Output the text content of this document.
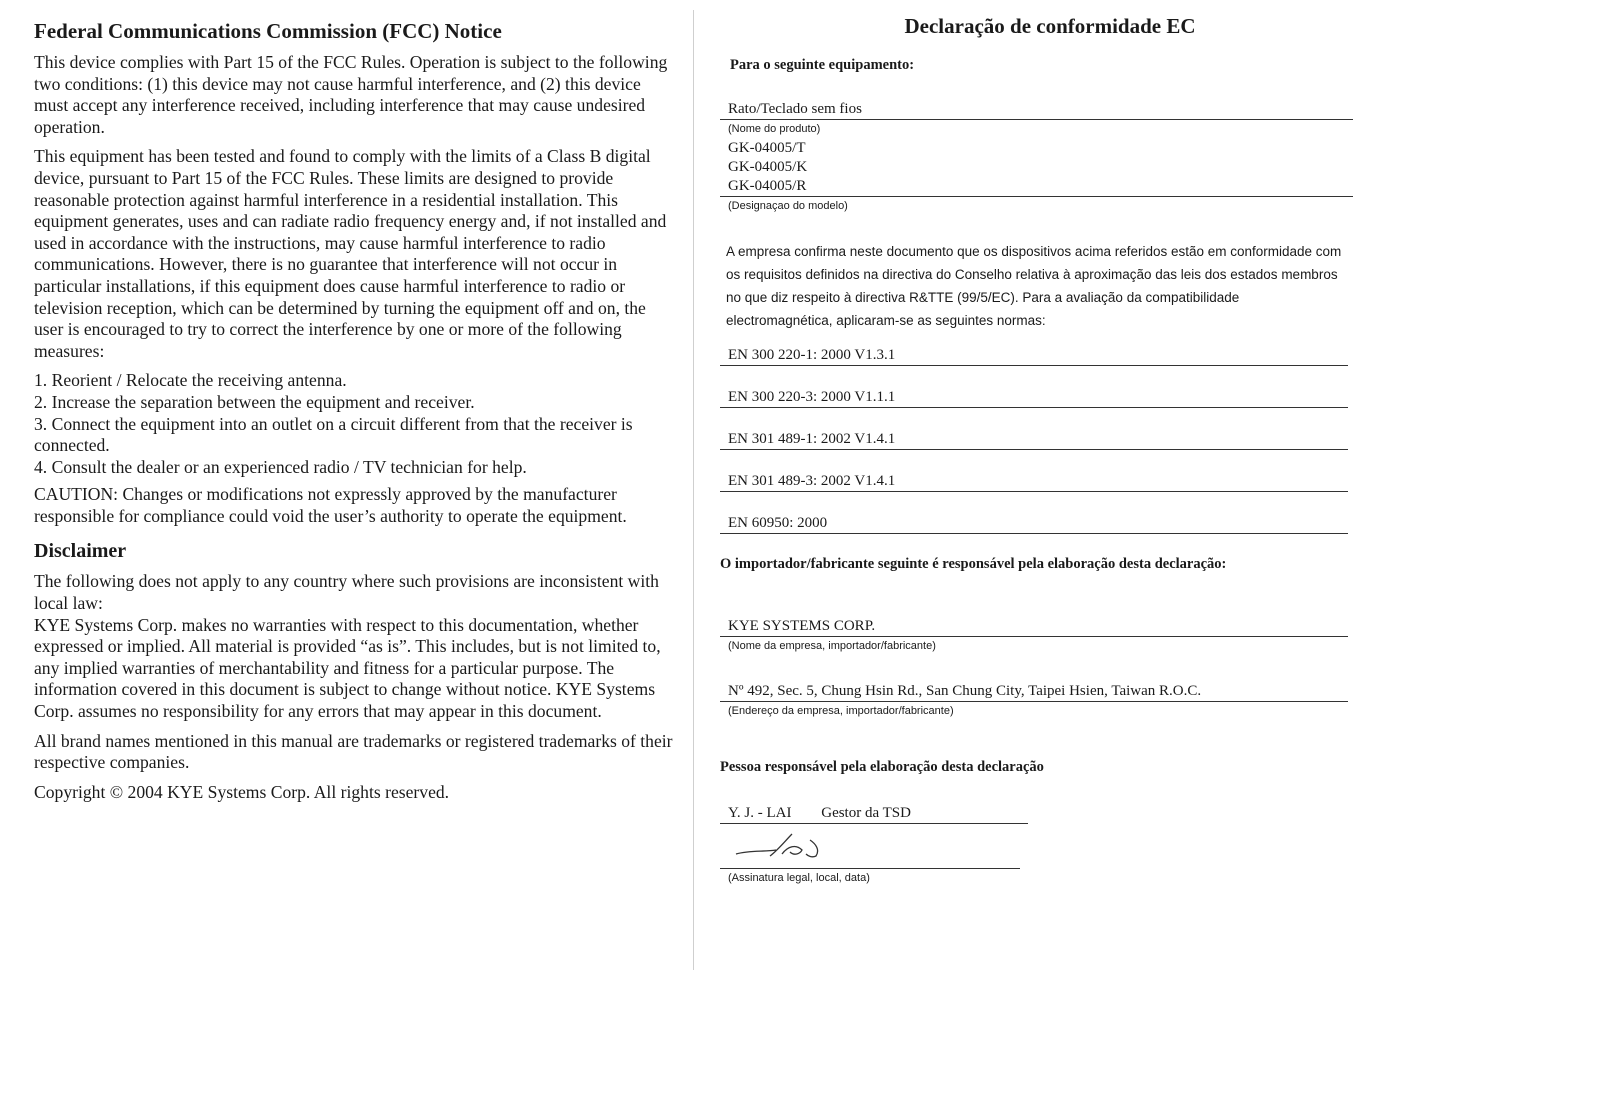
Federal Communications Commission (FCC) Notice

This device complies with Part 15 of the FCC Rules. Operation is subject to the following two conditions: (1) this device may not cause harmful interference, and (2) this device must accept any interference received, including interference that may cause undesired operation.

This equipment has been tested and found to comply with the limits of a Class B digital device, pursuant to Part 15 of the FCC Rules. These limits are designed to provide reasonable protection against harmful interference in a residential installation. This equipment generates, uses and can radiate radio frequency energy and, if not installed and used in accordance with the instructions, may cause harmful interference to radio communications. However, there is no guarantee that interference will not occur in particular installations, if this equipment does cause harmful interference to radio or television reception, which can be determined by turning the equipment off and on, the user is encouraged to try to correct the interference by one or more of the following measures:

1. Reorient / Relocate the receiving antenna.
2. Increase the separation between the equipment and receiver.
3. Connect the equipment into an outlet on a circuit different from that the receiver is connected.
4. Consult the dealer or an experienced radio / TV technician for help.

CAUTION: Changes or modifications not expressly approved by the manufacturer responsible for compliance could void the user’s authority to operate the equipment.

Disclaimer

The following does not apply to any country where such provisions are inconsistent with local law:

KYE Systems Corp. makes no warranties with respect to this documentation, whether expressed or implied. All material is provided “as is”. This includes, but is not limited to, any implied warranties of merchantability and fitness for a particular purpose. The information covered in this document is subject to change without notice. KYE Systems Corp. assumes no responsibility for any errors that may appear in this document.

All brand names mentioned in this manual are trademarks or registered trademarks of their respective companies.

Copyright © 2004 KYE Systems Corp. All rights reserved.

Declaração de conformidade EC
Para o seguinte equipamento:
Rato/Teclado sem fios
(Nome do produto)
GK-04005/T
GK-04005/K
GK-04005/R
(Designaçao do modelo)
A empresa confirma neste documento que os dispositivos acima referidos estão em conformidade com os requisitos definidos na directiva do Conselho relativa à aproximação das leis dos estados membros no que diz respeito à directiva R&TTE (99/5/EC). Para a avaliação da compatibilidade electromagnética, aplicaram-se as seguintes normas:
EN 300 220-1: 2000 V1.3.1
EN 300 220-3: 2000 V1.1.1
EN 301 489-1: 2002 V1.4.1
EN 301 489-3: 2002 V1.4.1
EN 60950: 2000
O importador/fabricante seguinte é responsável pela elaboração desta declaração:
KYE SYSTEMS CORP.
(Nome da empresa, importador/fabricante)
Nº 492, Sec. 5, Chung Hsin Rd., San Chung City, Taipei Hsien, Taiwan R.O.C.
(Endereço da empresa, importador/fabricante)
Pessoa responsável pela elaboração desta declaração
Y. J. - LAI Gestor da TSD
(Assinatura legal, local, data)
